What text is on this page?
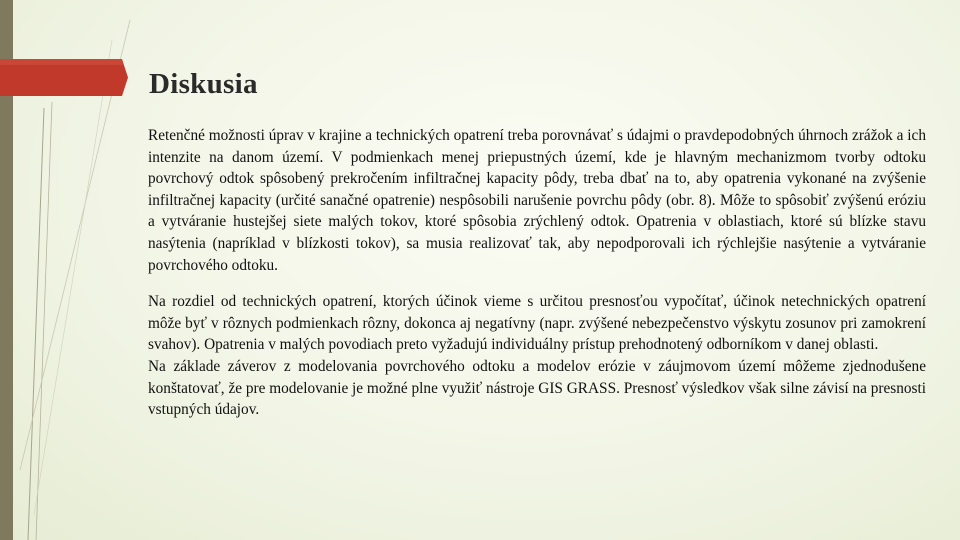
Diskusia

Retenčné možnosti úprav v krajine a technických opatrení treba porovnávať s údajmi o pravdepodobných úhrnoch zrážok a ich intenzite na danom území. V podmienkach menej priepustných území, kde je hlavným mechanizmom tvorby odtoku povrchový odtok spôsobený prekročením infiltračnej kapacity pôdy, treba dbať na to, aby opatrenia vykonané na zvýšenie infiltračnej kapacity (určité sanačné opatrenie) nespôsobili narušenie povrchu pôdy (obr. 8). Môže to spôsobiť zvýšenú eróziu a vytváranie hustejšej siete malých tokov, ktoré spôsobia zrýchlený odtok. Opatrenia v oblastiach, ktoré sú blízke stavu nasýtenia (napríklad v blízkosti tokov), sa musia realizovať tak, aby nepodporovali ich rýchlejšie nasýtenie a vytváranie povrchového odtoku.

Na rozdiel od technických opatrení, ktorých účinok vieme s určitou presnosťou vypočítať, účinok netechnických opatrení môže byť v rôznych podmienkach rôzny, dokonca aj negatívny (napr. zvýšené nebezpečenstvo výskytu zosunov pri zamokrení svahov). Opatrenia v malých povodiach preto vyžadujú individuálny prístup prehodnotený odborníkom v danej oblasti.

Na základe záverov z modelovania povrchového odtoku a modelov erózie v záujmovom území môžeme zjednodušene konštatovať, že pre modelovanie je možné plne využiť nástroje GIS GRASS. Presnosť výsledkov však silne závisí na presnosti vstupných údajov.
